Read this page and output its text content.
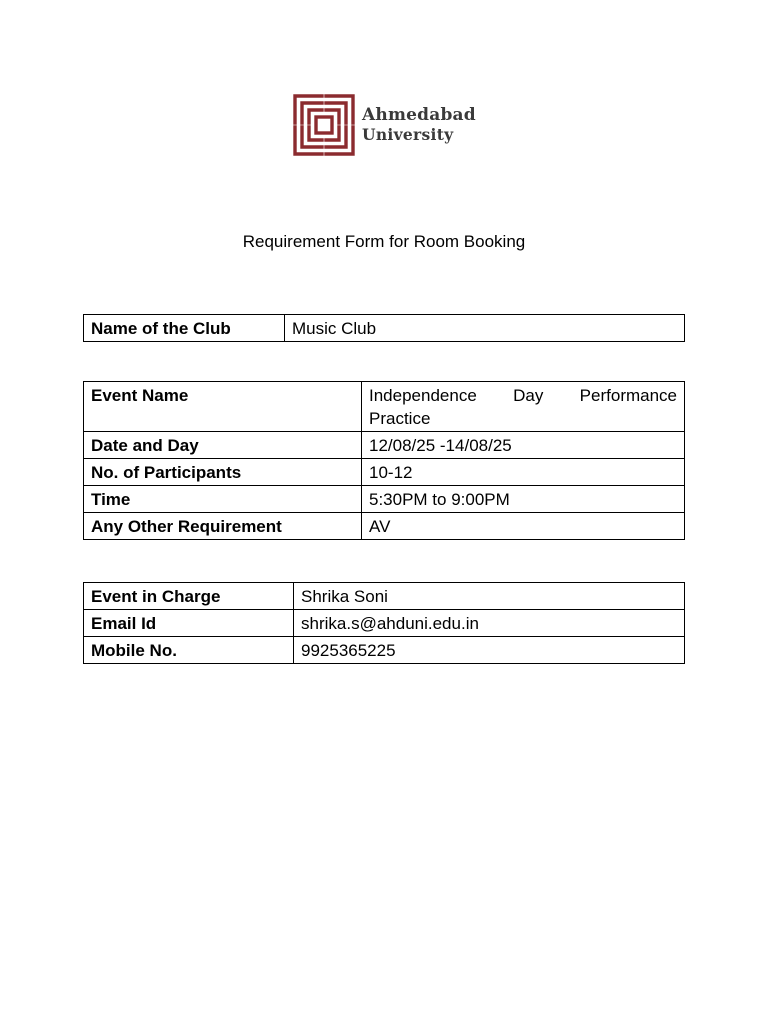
Ahmedabad
University
Requirement Form for Room Booking
Name of the Club	Music Club
Event Name	Independence Day Performance Practice
Date and Day	12/08/25 -14/08/25
No. of Participants	10-12
Time	5:30PM to 9:00PM
Any Other Requirement	AV
Event in Charge	Shrika Soni
Email Id	shrika.s@ahduni.edu.in
Mobile No.	9925365225
